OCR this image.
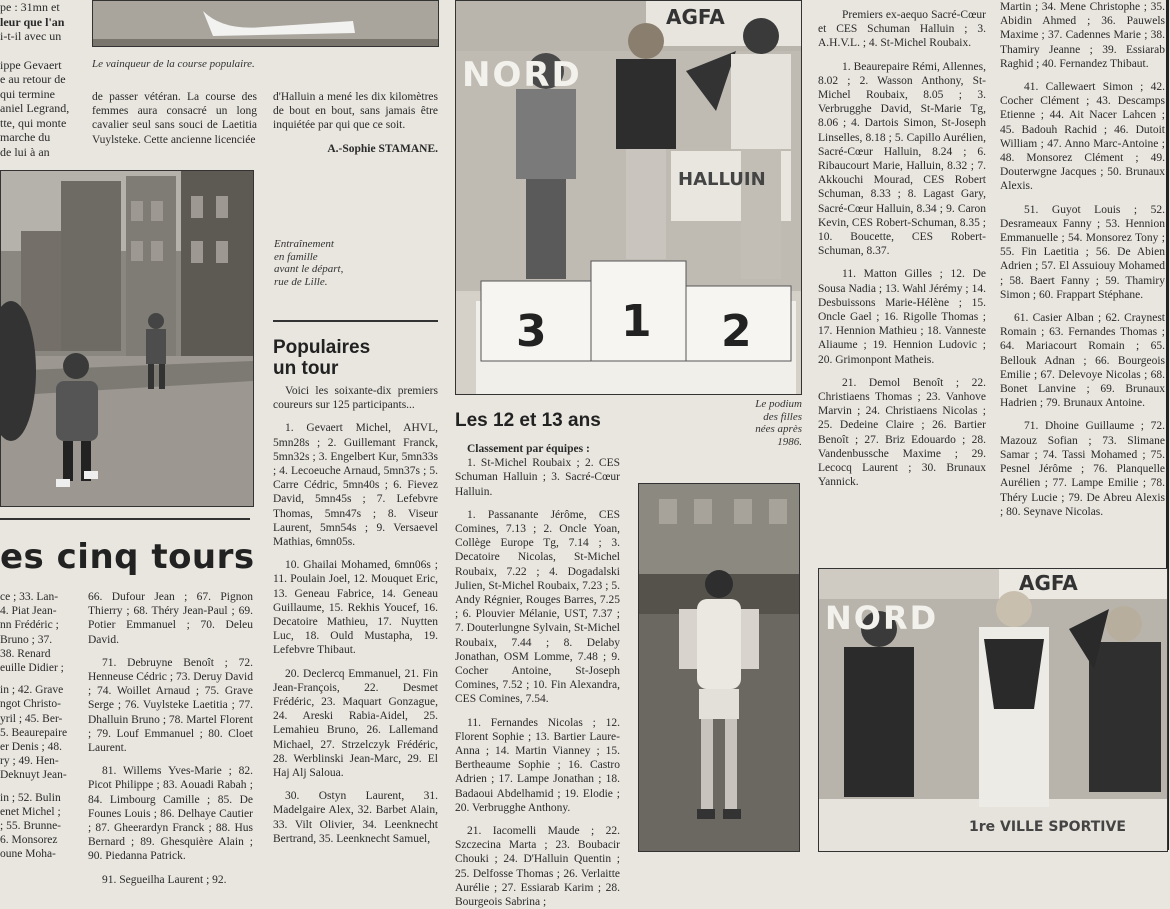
pe : 31mn et
leur que l'an
i-t-il avec un
ippe Gevaert
e au retour de
qui termine
aniel Legrand,
tte, qui monte
marche du
de lui à an
Le vainqueur de la course populaire.

de passer vétéran. La course des femmes aura consacré un long cavalier seul sans souci de Laetitia Vuylsteke. Cette ancienne licenciée

d'Halluin a mené les dix kilomètres de bout en bout, sans jamais être inquiétée par qui que ce soit.

A.-Sophie STAMANE.
Entraînement en famille avant le départ, rue de Lille.
es cinq tours
ce ; 33. Lan-
4. Piat Jean-
nn Frédéric ;
Bruno ; 37.
38. Renard
euille Didier ;
in ; 42. Grave
ngot Christo-
yril ; 45. Ber-
5. Beaurepaire
er Denis ; 48.
ry ; 49. Hen-
Deknuyt Jean-
in ; 52. Bulin
enet Michel ;
; 55. Brunne-
6. Monsorez
oune Moha-

66. Dufour Jean ; 67. Pignon Thierry ; 68. Théry Jean-Paul ; 69. Potier Emmanuel ; 70. Deleu David.

71. Debruyne Benoît ; 72. Henneuse Cédric ; 73. Deruy David ; 74. Woillet Arnaud ; 75. Grave Serge ; 76. Vuylsteke Laetitia ; 77. Dhalluin Bruno ; 78. Martel Florent ; 79. Louf Emmanuel ; 80. Cloet Laurent.

81. Willems Yves-Marie ; 82. Picot Philippe ; 83. Aouadi Rabah ; 84. Limbourg Camille ; 85. De Founes Louis ; 86. Delhaye Cautier ; 87. Gheerardyn Franck ; 88. Hus Bernard ; 89. Ghesquière Alain ; 90. Piedanna Patrick.

91. Segueilha Laurent ; 92.

Populaires
un tour

Voici les soixante-dix premiers coureurs sur 125 participants...

1. Gevaert Michel, AHVL, 5mn28s ; 2. Guillemant Franck, 5mn32s ; 3. Engelbert Kur, 5mn33s ; 4. Lecoeuche Arnaud, 5mn37s ; 5. Carre Cédric, 5mn40s ; 6. Fievez David, 5mn45s ; 7. Lefebvre Thomas, 5mn47s ; 8. Viseur Laurent, 5mn54s ; 9. Versaevel Mathias, 6mn05s.

10. Ghailai Mohamed, 6mn06s ; 11. Poulain Joel, 12. Mouquet Eric, 13. Geneau Fabrice, 14. Geneau Guillaume, 15. Rekhis Youcef, 16. Decatoire Mathieu, 17. Nuytten Luc, 18. Ould Mustapha, 19. Lefebvre Thibaut.

20. Declercq Emmanuel, 21. Fin Jean-François, 22. Desmet Frédéric, 23. Maquart Gonzague, 24. Areski Rabia-Aidel, 25. Lemahieu Bruno, 26. Lallemand Michael, 27. Strzelczyk Frédéric, 28. Werblinski Jean-Marc, 29. El Haj Alj Saloua.

30. Ostyn Laurent, 31. Madelgaire Alex, 32. Barbet Alain, 33. Vilt Olivier, 34. Leenknecht Bertrand, 35. Leenknecht Samuel,

AGFA
NORD
HALLUIN
3 1 2
Le podium des filles nées après 1986.
Les 12 et 13 ans
Classement par équipes :

1. St-Michel Roubaix ; 2. CES Schuman Halluin ; 3. Sacré-Cœur Halluin.

1. Passanante Jérôme, CES Comines, 7.13 ; 2. Oncle Yoan, Collège Europe Tg, 7.14 ; 3. Decatoire Nicolas, St-Michel Roubaix, 7.22 ; 4. Dogadalski Julien, St-Michel Roubaix, 7.23 ; 5. Andy Régnier, Rouges Barres, 7.25 ; 6. Plouvier Mélanie, UST, 7.37 ; 7. Douterlungne Sylvain, St-Michel Roubaix, 7.44 ; 8. Delaby Jonathan, OSM Lomme, 7.48 ; 9. Cocher Antoine, St-Joseph Comines, 7.52 ; 10. Fin Alexandra, CES Comines, 7.54.

11. Fernandes Nicolas ; 12. Florent Sophie ; 13. Bartier Laure-Anna ; 14. Martin Vianney ; 15. Bertheaume Sophie ; 16. Castro Adrien ; 17. Lampe Jonathan ; 18. Badaoui Abdelhamid ; 19. Elodie ; 20. Verbrugghe Anthony.

21. Iacomelli Maude ; 22. Szczecina Marta ; 23. Boubacir Chouki ; 24. D'Halluin Quentin ; 25. Delfosse Thomas ; 26. Verlaitte Aurélie ; 27. Essiarab Karim ; 28. Bourgeois Sabrina ;

Premiers ex-aequo Sacré-Cœur et CES Schuman Halluin ; 3. A.H.V.L. ; 4. St-Michel Roubaix.

1. Beaurepaire Rémi, Allennes, 8.02 ; 2. Wasson Anthony, St-Michel Roubaix, 8.05 ; 3. Verbrugghe David, St-Marie Tg, 8.06 ; 4. Dartois Simon, St-Joseph Linselles, 8.18 ; 5. Capillo Aurélien, Sacré-Cœur Halluin, 8.24 ; 6. Ribaucourt Marie, Halluin, 8.32 ; 7. Akkouchi Mourad, CES Robert Schuman, 8.33 ; 8. Lagast Gary, Sacré-Cœur Halluin, 8.34 ; 9. Caron Kevin, CES Robert-Schuman, 8.35 ; 10. Boucette, CES Robert-Schuman, 8.37.

11. Matton Gilles ; 12. De Sousa Nadia ; 13. Wahl Jérémy ; 14. Desbuissons Marie-Hélène ; 15. Oncle Gael ; 16. Rigolle Thomas ; 17. Hennion Mathieu ; 18. Vanneste Aliaume ; 19. Hennion Ludovic ; 20. Grimonpont Matheis.

21. Demol Benoît ; 22. Christiaens Thomas ; 23. Vanhove Marvin ; 24. Christiaens Nicolas ; 25. Dedeine Claire ; 26. Bartier Benoît ; 27. Briz Edouardo ; 28. Vandenbussche Maxime ; 29. Lecocq Laurent ; 30. Brunaux Yannick.

Martin ; 34. Mene Christophe ; 35. Abidin Ahmed ; 36. Pauwels Maxime ; 37. Cadennes Marie ; 38. Thamiry Jeanne ; 39. Essiarab Raghid ; 40. Fernandez Thibaut.

41. Callewaert Simon ; 42. Cocher Clément ; 43. Descamps Etienne ; 44. Ait Nacer Lahcen ; 45. Badouh Rachid ; 46. Dutoit William ; 47. Anno Marc-Antoine ; 48. Monsorez Clément ; 49. Douterwgne Jacques ; 50. Brunaux Alexis.

51. Guyot Louis ; 52. Desrameaux Fanny ; 53. Hennion Emmanuelle ; 54. Monsorez Tony ; 55. Fin Laetitia ; 56. De Abien Adrien ; 57. El Assuiouy Mohamed ; 58. Baert Fanny ; 59. Thamiry Simon ; 60. Frappart Stéphane.

61. Casier Alban ; 62. Craynest Romain ; 63. Fernandes Thomas ; 64. Mariacourt Romain ; 65. Bellouk Adnan ; 66. Bourgeois Emilie ; 67. Delevoye Nicolas ; 68. Bonet Lanvine ; 69. Brunaux Hadrien ; 79. Brunaux Antoine.

71. Dhoine Guillaume ; 72. Mazouz Sofian ; 73. Slimane Samar ; 74. Tassi Mohamed ; 75. Pesnel Jérôme ; 76. Planquelle Aurélien ; 77. Lampe Emilie ; 78. Théry Lucie ; 79. De Abreu Alexis ; 80. Seynave Nicolas.

AGFA
NORD
1re VILLE SPORTIVE
